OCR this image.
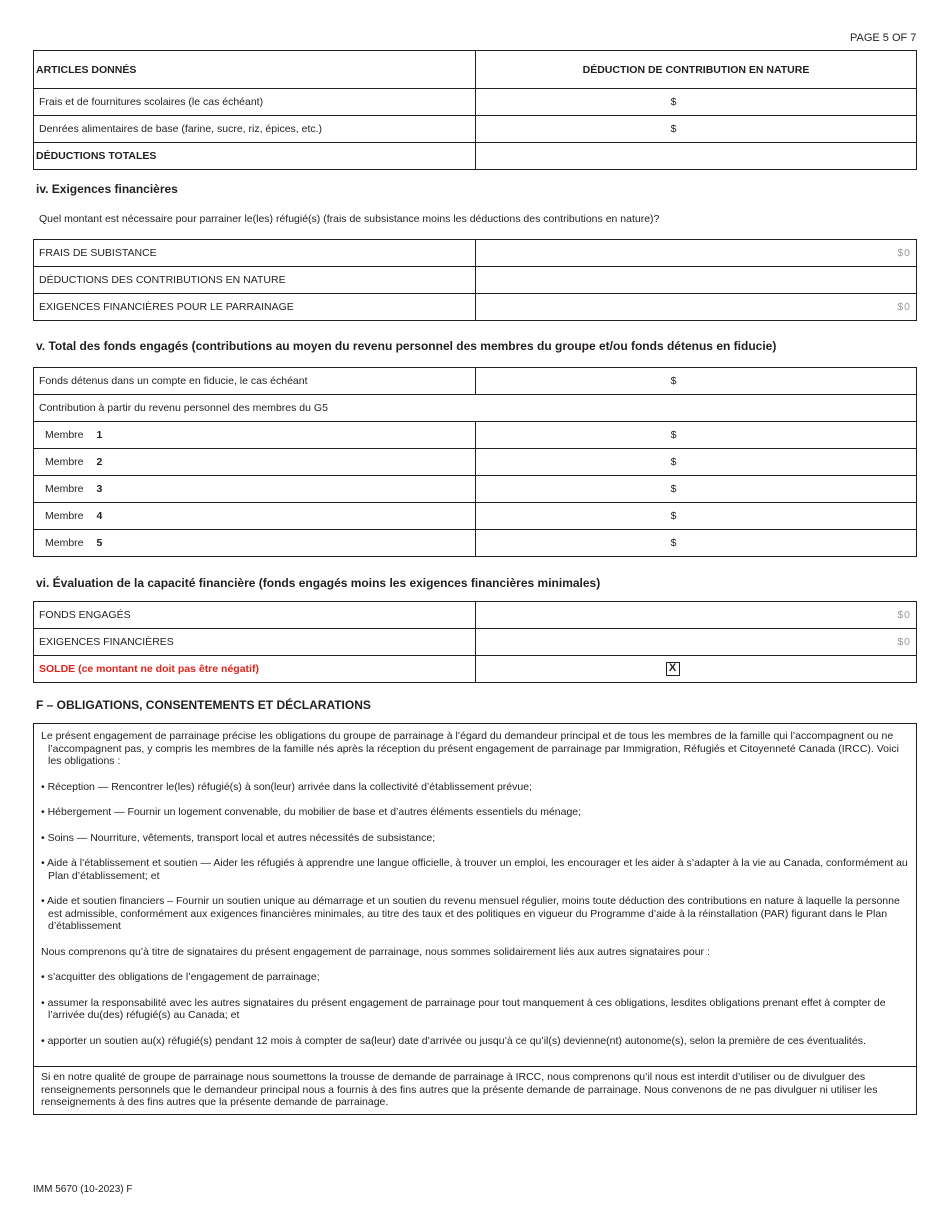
PAGE 5 OF 7
ARTICLES DONNÉS	DÉDUCTION DE CONTRIBUTION EN NATURE
Frais et de fournitures scolaires (le cas échéant)	$
Denrées alimentaires de base (farine, sucre, riz, épices, etc.)	$
DÉDUCTIONS TOTALES	
iv. Exigences financières
Quel montant est nécessaire pour parrainer le(les) réfugié(s) (frais de subsistance moins les déductions des contributions en nature)?
FRAIS DE SUBISTANCE	$0
DÉDUCTIONS DES CONTRIBUTIONS EN NATURE	
EXIGENCES FINANCIÈRES POUR LE PARRAINAGE	$0
v. Total des fonds engagés (contributions au moyen du revenu personnel des membres du groupe et/ou fonds détenus en fiducie)
Fonds détenus dans un compte en fiducie, le cas échéant	$
Contribution à partir du revenu personnel des membres du G5	
Membre 1	$
Membre 2	$
Membre 3	$
Membre 4	$
Membre 5	$
vi. Évaluation de la capacité financière (fonds engagés moins les exigences financières minimales)
FONDS ENGAGÉS	$0
EXIGENCES FINANCIÈRES	$0
SOLDE (ce montant ne doit pas être négatif)	X
F – OBLIGATIONS, CONSENTEMENTS ET DÉCLARATIONS

Le présent engagement de parrainage précise les obligations du groupe de parrainage à l’égard du demandeur principal et de tous les membres de la famille qui l’accompagnent ou ne l’accompagnent pas, y compris les membres de la famille nés après la réception du présent engagement de parrainage par Immigration, Réfugiés et Citoyenneté Canada (IRCC). Voici les obligations :

• Réception — Rencontrer le(les) réfugié(s) à son(leur) arrivée dans la collectivité d’établissement prévue;

• Hébergement — Fournir un logement convenable, du mobilier de base et d’autres éléments essentiels du ménage;

• Soins — Nourriture, vêtements, transport local et autres nécessités de subsistance;

• Aide à l’établissement et soutien — Aider les réfugiés à apprendre une langue officielle, à trouver un emploi, les encourager et les aider à s’adapter à la vie au Canada, conformément au Plan d’établissement; et

• Aide et soutien financiers – Fournir un soutien unique au démarrage et un soutien du revenu mensuel régulier, moins toute déduction des contributions en nature à laquelle la personne est admissible, conformément aux exigences financières minimales, au titre des taux et des politiques en vigueur du Programme d’aide à la réinstallation (PAR) figurant dans le Plan d’établissement

Nous comprenons qu’à titre de signataires du présent engagement de parrainage, nous sommes solidairement liés aux autres signataires pour :

• s’acquitter des obligations de l’engagement de parrainage;

• assumer la responsabilité avec les autres signataires du présent engagement de parrainage pour tout manquement à ces obligations, lesdites obligations prenant effet à compter de l’arrivée du(des) réfugié(s) au Canada; et

• apporter un soutien au(x) réfugié(s) pendant 12 mois à compter de sa(leur) date d’arrivée ou jusqu’à ce qu’il(s) devienne(nt) autonome(s), selon la première de ces éventualités.

Si en notre qualité de groupe de parrainage nous soumettons la trousse de demande de parrainage à IRCC, nous comprenons qu’il nous est interdit d’utiliser ou de divulguer des renseignements personnels que le demandeur principal nous a fournis à des fins autres que la présente demande de parrainage. Nous convenons de ne pas divulguer ni utiliser les renseignements à des fins autres que la présente demande de parrainage.
IMM 5670 (10-2023) F
